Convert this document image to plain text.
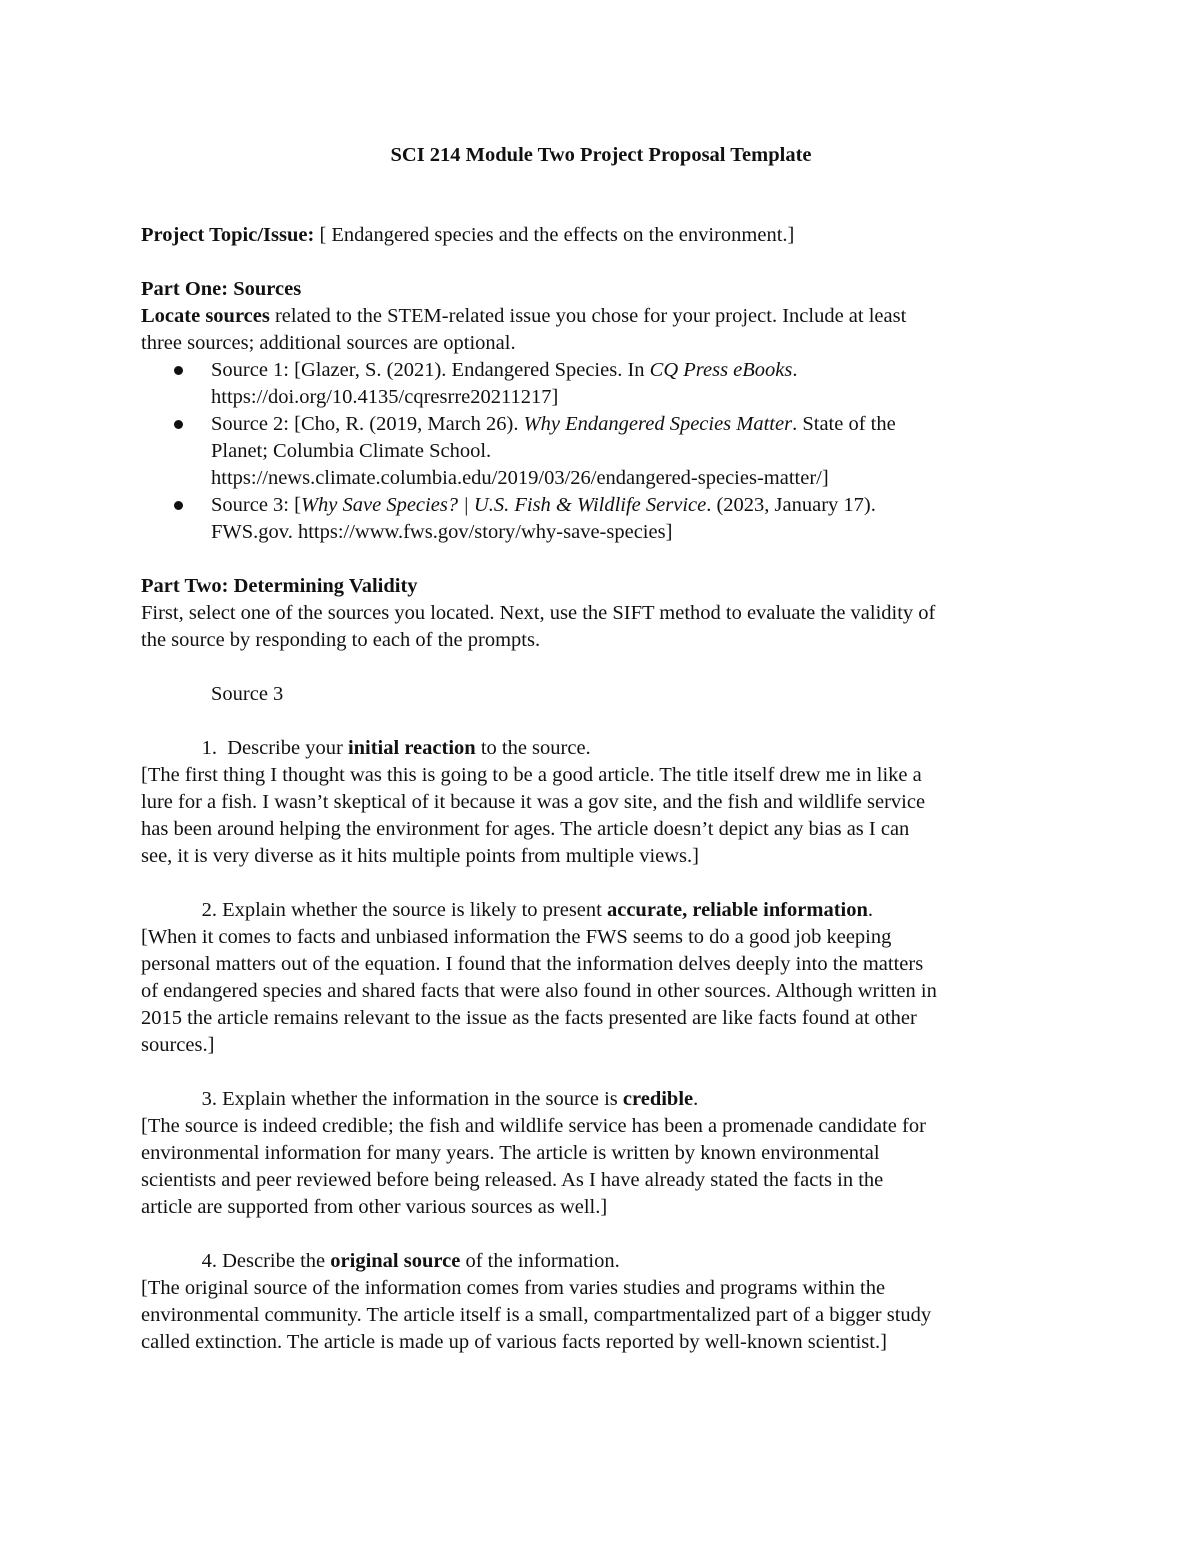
SCI 214 Module Two Project Proposal Template

Project Topic/Issue: [ Endangered species and the effects on the environment.]

Part One: Sources

Locate sources related to the STEM-related issue you chose for your project. Include at least

three sources; additional sources are optional.

Source 1: [Glazer, S. (2021). Endangered Species. In CQ Press eBooks.
https://doi.org/10.4135/cqresrre20211217]
Source 2: [Cho, R. (2019, March 26). Why Endangered Species Matter. State of the
Planet; Columbia Climate School.
https://news.climate.columbia.edu/2019/03/26/endangered-species-matter/]
Source 3: [Why Save Species? | U.S. Fish & Wildlife Service. (2023, January 17).
FWS.gov. https://www.fws.gov/story/why-save-species]

Part Two: Determining Validity

First, select one of the sources you located. Next, use the SIFT method to evaluate the validity of

the source by responding to each of the prompts.

Source 3

1.  Describe your initial reaction to the source.

[The first thing I thought was this is going to be a good article. The title itself drew me in like a

lure for a fish. I wasn’t skeptical of it because it was a gov site, and the fish and wildlife service

has been around helping the environment for ages. The article doesn’t depict any bias as I can

see, it is very diverse as it hits multiple points from multiple views.]

2. Explain whether the source is likely to present accurate, reliable information.

[When it comes to facts and unbiased information the FWS seems to do a good job keeping

personal matters out of the equation. I found that the information delves deeply into the matters

of endangered species and shared facts that were also found in other sources. Although written in

2015 the article remains relevant to the issue as the facts presented are like facts found at other

sources.]

3. Explain whether the information in the source is credible.

[The source is indeed credible; the fish and wildlife service has been a promenade candidate for

environmental information for many years. The article is written by known environmental

scientists and peer reviewed before being released. As I have already stated the facts in the

article are supported from other various sources as well.]

4. Describe the original source of the information.

[The original source of the information comes from varies studies and programs within the

environmental community. The article itself is a small, compartmentalized part of a bigger study

called extinction. The article is made up of various facts reported by well-known scientist.]
